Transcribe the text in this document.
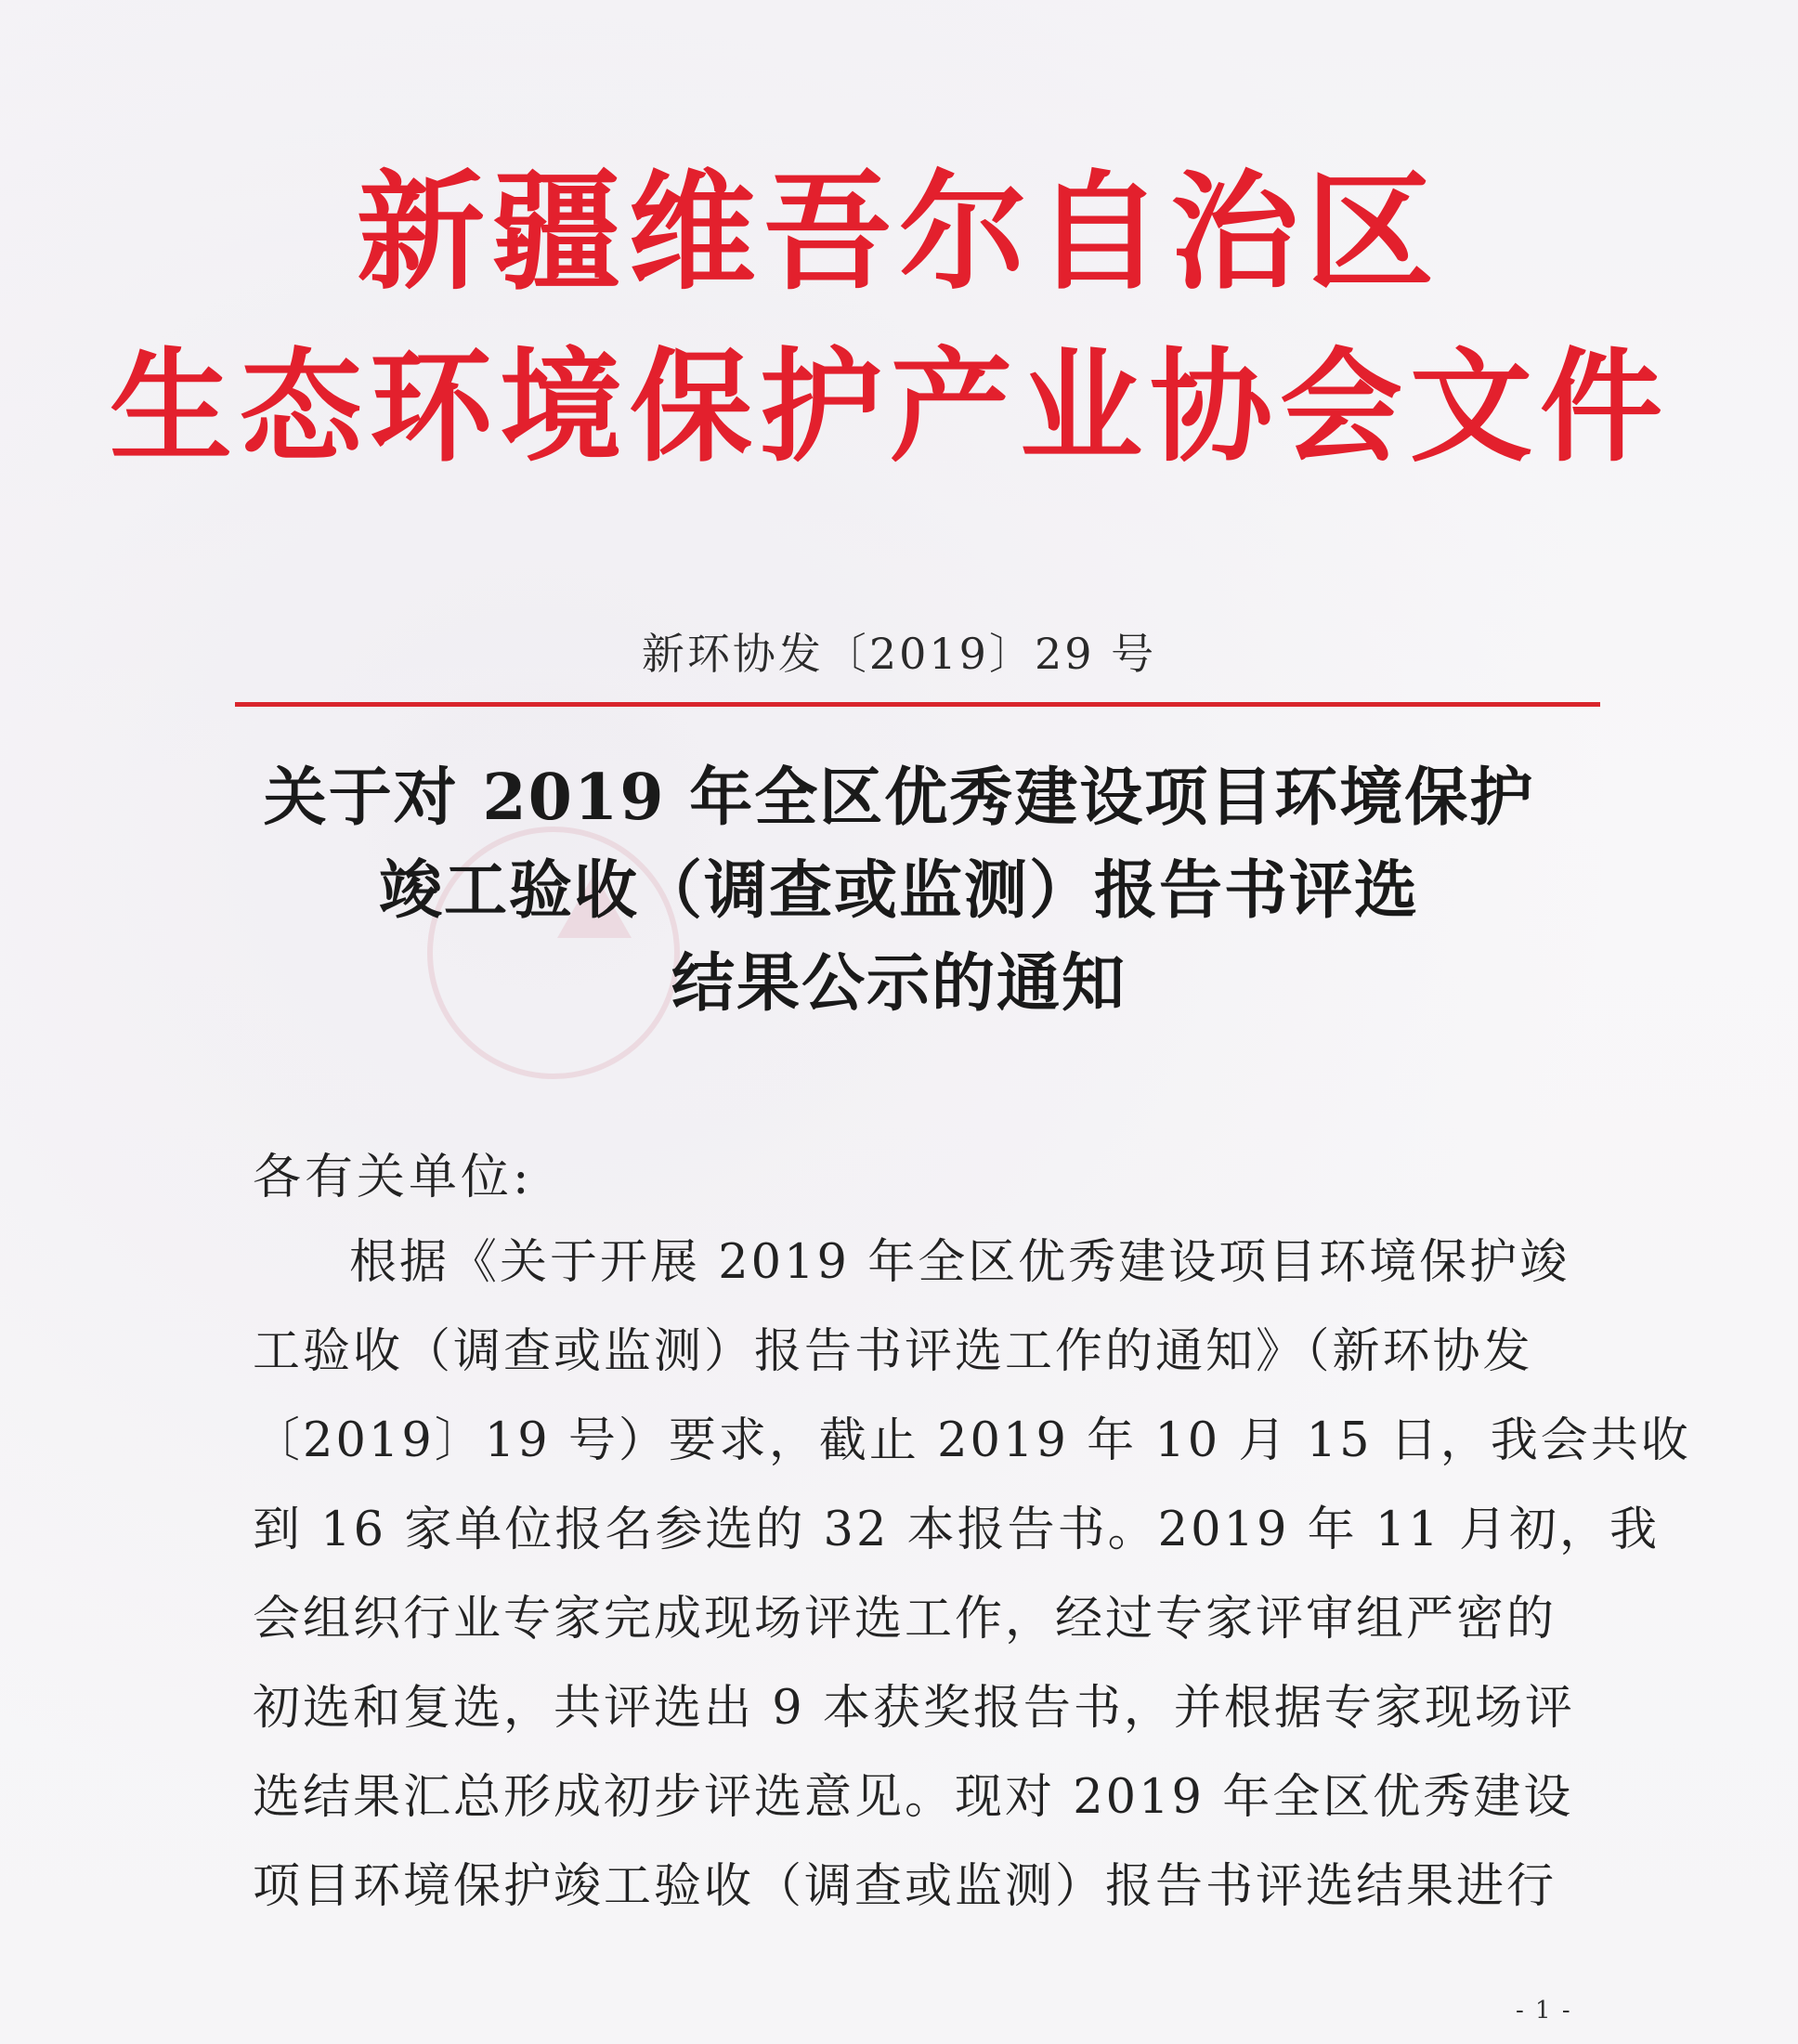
新疆维吾尔自治区
生态环境保护产业协会文件
新环协发〔2019〕29 号
关于对 2019 年全区优秀建设项目环境保护
竣工验收（调查或监测）报告书评选
结果公示的通知
各有关单位:
根据《关于开展 2019 年全区优秀建设项目环境保护竣
工验收（调查或监测）报告书评选工作的通知》（新环协发
〔2019〕19 号）要求，截止 2019 年 10 月 15 日，我会共收
到 16 家单位报名参选的 32 本报告书。2019 年 11 月初，我
会组织行业专家完成现场评选工作，经过专家评审组严密的
初选和复选，共评选出 9 本获奖报告书，并根据专家现场评
选结果汇总形成初步评选意见。现对 2019 年全区优秀建设
项目环境保护竣工验收（调查或监测）报告书评选结果进行
- 1 -
